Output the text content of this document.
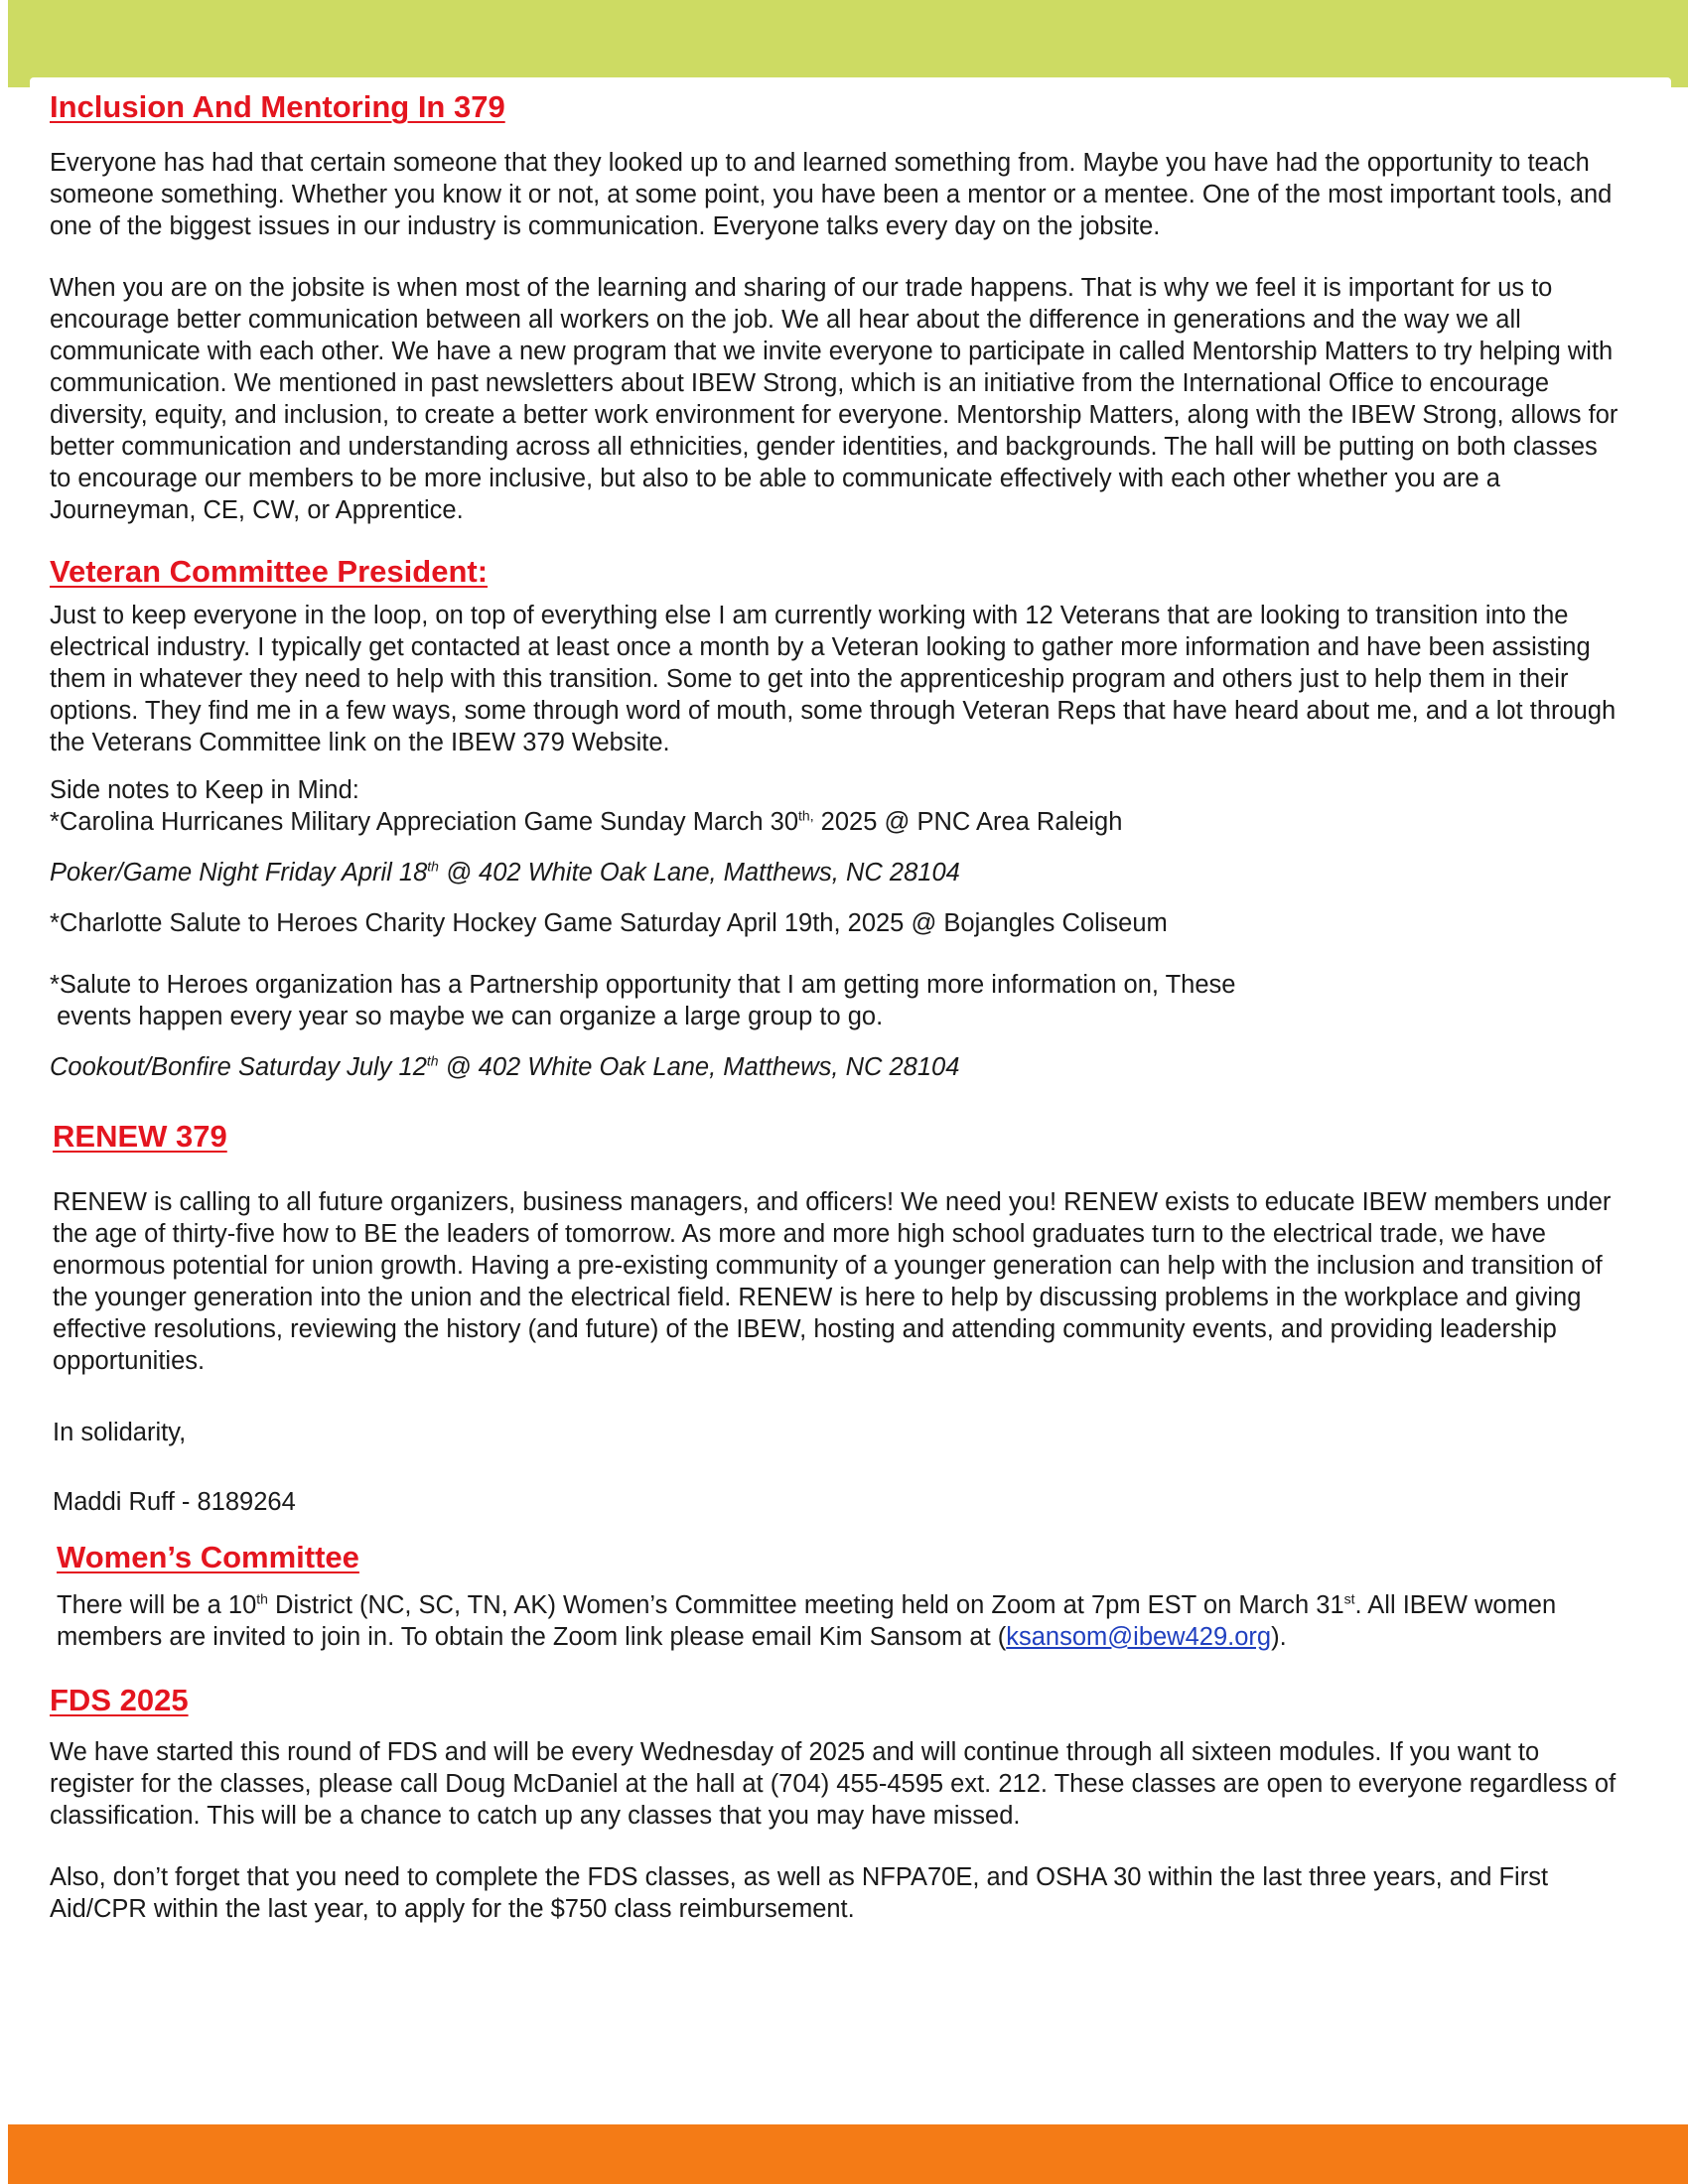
Inclusion And Mentoring In 379

Everyone has had that certain someone that they looked up to and learned something from. Maybe you have had the opportunity to teach someone something. Whether you know it or not, at some point, you have been a mentor or a mentee. One of the most important tools, and one of the biggest issues in our industry is communication. Everyone talks every day on the jobsite.

When you are on the jobsite is when most of the learning and sharing of our trade happens. That is why we feel it is important for us to encourage better communication between all workers on the job. We all hear about the difference in generations and the way we all communicate with each other. We have a new program that we invite everyone to participate in called Mentorship Matters to try helping with communication. We mentioned in past newsletters about IBEW Strong, which is an initiative from the International Office to encourage diversity, equity, and inclusion, to create a better work environment for everyone. Mentorship Matters, along with the IBEW Strong, allows for better communication and understanding across all ethnicities, gender identities, and backgrounds. The hall will be putting on both classes to encourage our members to be more inclusive, but also to be able to communicate effectively with each other whether you are a Journeyman, CE, CW, or Apprentice.

Veteran Committee President:

Just to keep everyone in the loop, on top of everything else I am currently working with 12 Veterans that are looking to transition into the electrical industry. I typically get contacted at least once a month by a Veteran looking to gather more information and have been assisting them in whatever they need to help with this transition. Some to get into the apprenticeship program and others just to help them in their options. They find me in a few ways, some through word of mouth, some through Veteran Reps that have heard about me, and a lot through the Veterans Committee link on the IBEW 379 Website.

Side notes to Keep in Mind:

*Carolina Hurricanes Military Appreciation Game Sunday March $30^{th,}$ 2025 @ PNC Area Raleigh

Poker/Game Night Friday April 18th @ 402 White Oak Lane, Matthews, NC 28104

*Charlotte Salute to Heroes Charity Hockey Game Saturday April 19th, 2025 @ Bojangles Coliseum

*Salute to Heroes organization has a Partnership opportunity that I am getting more information on, These

events happen every year so maybe we can organize a large group to go.

Cookout/Bonfire Saturday July 12th @ 402 White Oak Lane, Matthews, NC 28104

RENEW 379

RENEW is calling to all future organizers, business managers, and officers! We need you! RENEW exists to educate IBEW members under the age of thirty-five how to BE the leaders of tomorrow. As more and more high school graduates turn to the electrical trade, we have enormous potential for union growth. Having a pre-existing community of a younger generation can help with the inclusion and transition of the younger generation into the union and the electrical field. RENEW is here to help by discussing problems in the workplace and giving effective resolutions, reviewing the history (and future) of the IBEW, hosting and attending community events, and providing leadership opportunities.

In solidarity,

Maddi Ruff - 8189264

Women’s Committee

There will be a 10th District (NC, SC, TN, AK) Women’s Committee meeting held on Zoom at 7pm EST on March 31st. All IBEW women members are invited to join in. To obtain the Zoom link please email Kim Sansom at (ksansom@ibew429.org).

FDS 2025

We have started this round of FDS and will be every Wednesday of 2025 and will continue through all sixteen modules. If you want to register for the classes, please call Doug McDaniel at the hall at (704) 455-4595 ext. 212. These classes are open to everyone regardless of classification. This will be a chance to catch up any classes that you may have missed.

Also, don’t forget that you need to complete the FDS classes, as well as NFPA70E, and OSHA 30 within the last three years, and First Aid/CPR within the last year, to apply for the $750 class reimbursement.
